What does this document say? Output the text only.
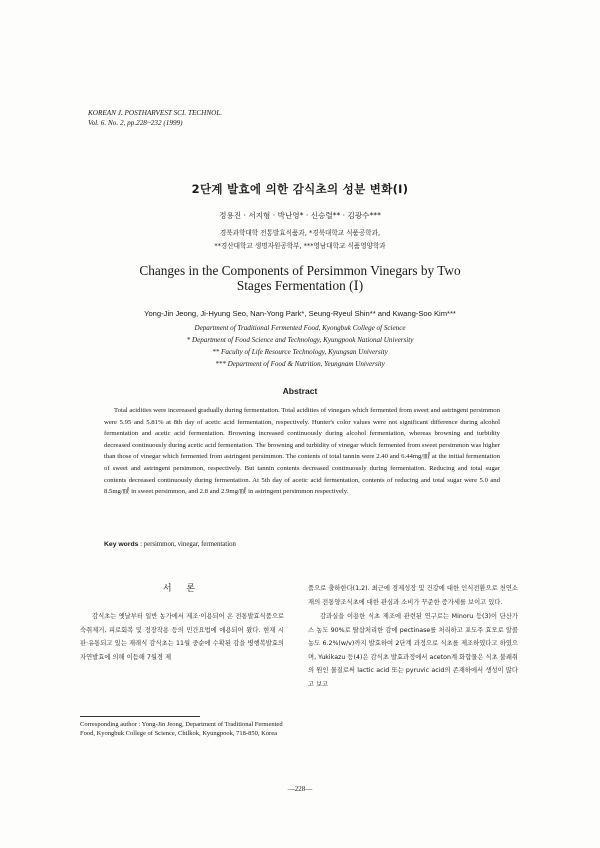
KOREAN J. POSTHARVEST SCI. TECHNOL.
Vol. 6. No. 2, pp.228~232 (1999)
2단계 발효에 의한 감식초의 성분 변화(Ⅰ)
정용진 · 서지형 · 박난영* · 신승렬** · 김광수***
경북과학대학 전통발효식품과, *경북대학교 식품공학과,
**경산대학교 생명자원공학부, ***영남대학교 식품영양학과
Changes in the Components of Persimmon Vinegars by Two
Stages Fermentation (Ⅰ)
Yong-Jin Jeong, Ji-Hyung Seo, Nan-Yong Park*, Seung-Ryeul Shin** and Kwang-Soo Kim***
Department of Traditional Fermented Food, Kyongbuk College of Science
* Department of Food Science and Technology, Kyungpook National University
** Faculty of Life Resource Technology, Kyungsan University
*** Department of Food & Nutrition, Yeungnam University
Abstract

Total acidities were incereased gradually during fermentation. Total acidities of vinegars which fermented from sweet and astringent persimmon were 5.95 and 5.81% at 8th day of acetic acid fermentation, respectively. Hunter's color values were not significant difference during alcohol fermentation and acetic acid fermentation. Browning increased continuously during alcohol fermentation, whereas browning and turbidity decreased continuously during acetic acid fermentation. The browning and turbidity of vinegar which fermented from sweet persimmon was higher than those of vinegar which fermented from astringent persimmon. The contents of total tannin were 2.40 and 6.44mg/㎖ at the initial fermentation of sweet and astringent persimmon, respectively. But tannin contents decreased continuously during fermentation. Reducing and total sugar contents decreased continuously during fermentation. At 5th day of acetic acid fermentation, contents of reducing and total sugar were 5.0 and 8.5mg/㎖ in sweet persimmon, and 2.8 and 2.9mg/㎖ in astringent persimmon respectively.

Key words : persimmon, vinegar, fermentation
서 론

감식초는 옛날부터 일반 농가에서 제조·이용되어 온 전통발효식품으로 숙취제거, 피로회복 및 정장작용 등의 민간요법에 애용되어 왔다. 현재 시판·유통되고 있는 재래식 감식초는 11월 중순에 수확된 감을 병행복발효의 자연발효에 의해 이듬해 7월경 제

품으로 출하한다(1,2). 최근에 경제성장 및 건강에 대한 인식전환으로 천연소재의 전통양조식초에 대한 관심과 소비가 꾸준한 증가세를 보이고 있다.

감과실을 이용한 식초 제조에 관련된 연구로는 Minoru 등(3)이 단산가스 농도 90%로 탈삽처리한 감에 pectinase를 처리하고 포도주 효모로 알콜농도 6.2%(w/v)까지 발효하여 2단계 과정으로 식초를 제조하였다고 하였으며, Yukikazu 등(4)은 감식초 발효과정에서 aceton계 화합물은 식초 불쾌취의 원인 물질로써 lactic acid 또는 pyruvic acid의 존재하에서 생성이 많다고 보고

Corresponding author : Yong-Jin Jeong, Department of Traditional Fermented Food, Kyongbuk College of Science, Chilkok, Kyungpook, 718-850, Korea

—228—
